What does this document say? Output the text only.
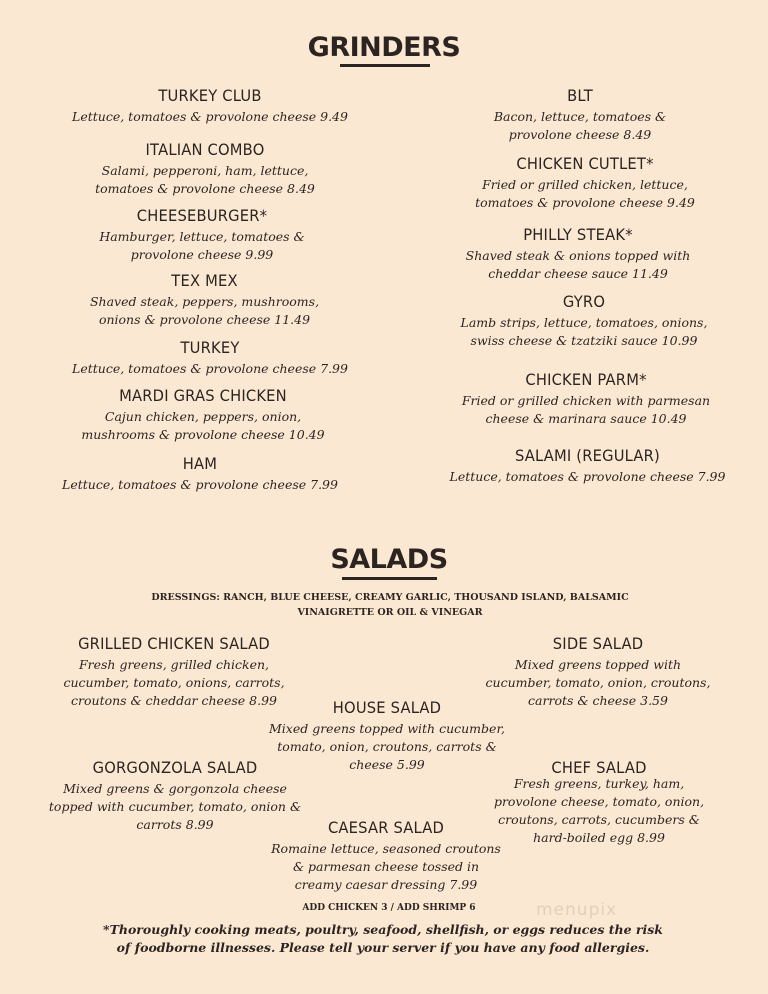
GRINDERS
TURKEY CLUB
Lettuce, tomatoes & provolone cheese 9.49
ITALIAN COMBO
Salami, pepperoni, ham, lettuce, tomatoes & provolone cheese 8.49
CHEESEBURGER*
Hamburger, lettuce, tomatoes & provolone cheese 9.99
TEX MEX
Shaved steak, peppers, mushrooms, onions & provolone cheese 11.49
TURKEY
Lettuce, tomatoes & provolone cheese 7.99
MARDI GRAS CHICKEN
Cajun chicken, peppers, onion, mushrooms & provolone cheese 10.49
HAM
Lettuce, tomatoes & provolone cheese 7.99
BLT
Bacon, lettuce, tomatoes & provolone cheese 8.49
CHICKEN CUTLET*
Fried or grilled chicken, lettuce, tomatoes & provolone cheese 9.49
PHILLY STEAK*
Shaved steak & onions topped with cheddar cheese sauce 11.49
GYRO
Lamb strips, lettuce, tomatoes, onions, swiss cheese & tzatziki sauce 10.99
CHICKEN PARM*
Fried or grilled chicken with parmesan cheese & marinara sauce 10.49
SALAMI (REGULAR)
Lettuce, tomatoes & provolone cheese 7.99
SALADS
DRESSINGS: RANCH, BLUE CHEESE, CREAMY GARLIC, THOUSAND ISLAND, BALSAMIC VINAIGRETTE OR OIL & VINEGAR
GRILLED CHICKEN SALAD
Fresh greens, grilled chicken, cucumber, tomato, onions, carrots, croutons & cheddar cheese 8.99
SIDE SALAD
Mixed greens topped with cucumber, tomato, onion, croutons, carrots & cheese 3.59
HOUSE SALAD
Mixed greens topped with cucumber, tomato, onion, croutons, carrots & cheese 5.99
GORGONZOLA SALAD
Mixed greens & gorgonzola cheese topped with cucumber, tomato, onion & carrots 8.99
CHEF SALAD
Fresh greens, turkey, ham, provolone cheese, tomato, onion, croutons, carrots, cucumbers & hard-boiled egg 8.99
CAESAR SALAD
Romaine lettuce, seasoned croutons & parmesan cheese tossed in creamy caesar dressing 7.99
ADD CHICKEN 3 / ADD SHRIMP 6
*Thoroughly cooking meats, poultry, seafood, shellfish, or eggs reduces the risk of foodborne illnesses. Please tell your server if you have any food allergies.
menupix
